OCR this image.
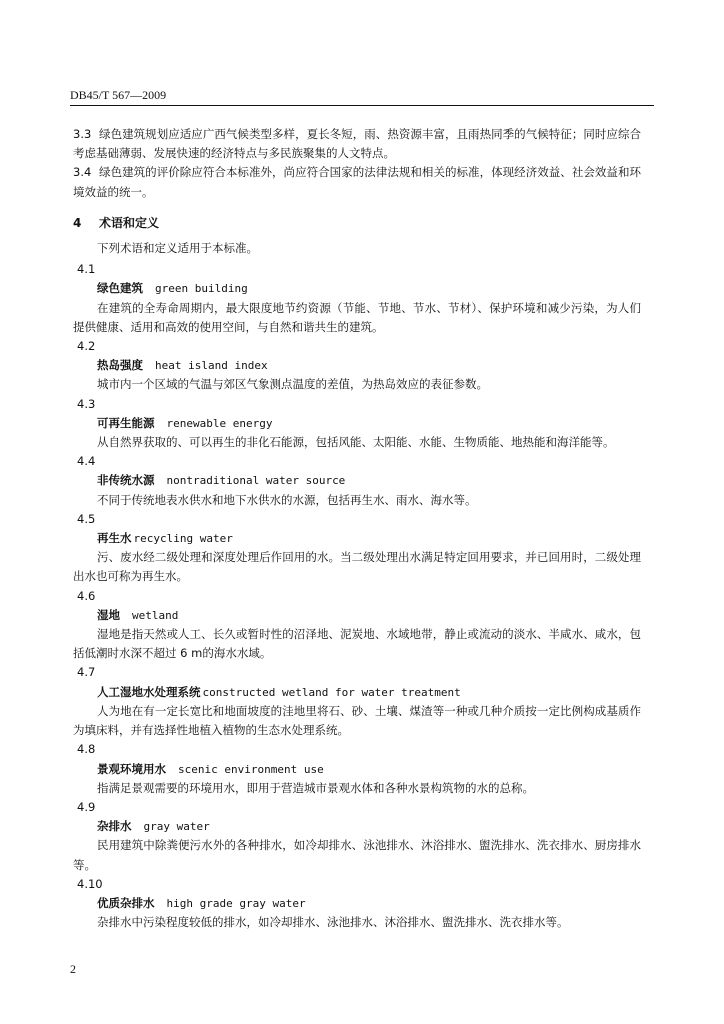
DB45/T 567—2009

3.3 绿色建筑规划应适应广西气候类型多样，夏长冬短，雨、热资源丰富，且雨热同季的气候特征；同时应综合考虑基础薄弱、发展快速的经济特点与多民族聚集的人文特点。

3.4 绿色建筑的评价除应符合本标准外，尚应符合国家的法律法规和相关的标准，体现经济效益、社会效益和环境效益的统一。

4 术语和定义

下列术语和定义适用于本标准。

4.1
绿色建筑 green building

在建筑的全寿命周期内，最大限度地节约资源（节能、节地、节水、节材）、保护环境和减少污染，为人们提供健康、适用和高效的使用空间，与自然和谐共生的建筑。

4.2
热岛强度 heat island index

城市内一个区域的气温与郊区气象测点温度的差值，为热岛效应的表征参数。

4.3
可再生能源 renewable energy

从自然界获取的、可以再生的非化石能源，包括风能、太阳能、水能、生物质能、地热能和海洋能等。

4.4
非传统水源 nontraditional water source

不同于传统地表水供水和地下水供水的水源，包括再生水、雨水、海水等。

4.5
再生水 recycling water

污、废水经二级处理和深度处理后作回用的水。当二级处理出水满足特定回用要求，并已回用时，二级处理出水也可称为再生水。

4.6
湿地 wetland

湿地是指天然或人工、长久或暂时性的沼泽地、泥炭地、水域地带，静止或流动的淡水、半咸水、咸水，包括低潮时水深不超过 6 m的海水水域。

4.7
人工湿地水处理系统 constructed wetland for water treatment

人为地在有一定长宽比和地面坡度的洼地里将石、砂、土壤、煤渣等一种或几种介质按一定比例构成基质作为填床料，并有选择性地植入植物的生态水处理系统。

4.8
景观环境用水 scenic environment use

指满足景观需要的环境用水，即用于营造城市景观水体和各种水景构筑物的水的总称。

4.9
杂排水 gray water

民用建筑中除粪便污水外的各种排水，如冷却排水、泳池排水、沐浴排水、盥洗排水、洗衣排水、厨房排水等。

4.10
优质杂排水 high grade gray water

杂排水中污染程度较低的排水，如冷却排水、泳池排水、沐浴排水、盥洗排水、洗衣排水等。

2
